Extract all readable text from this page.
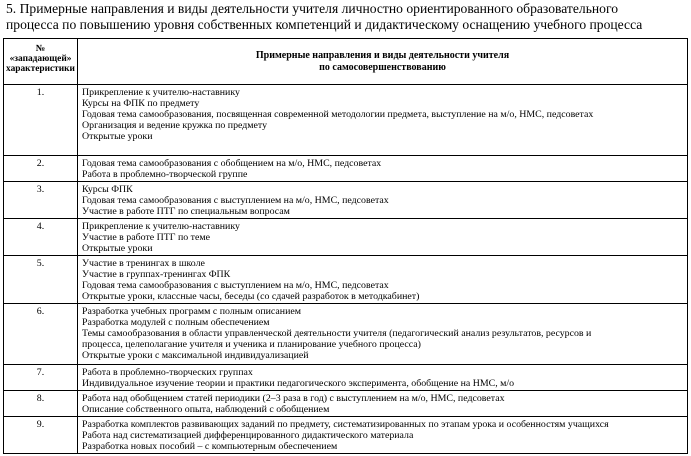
5. Примерные направления и виды деятельности учителя личностно ориентированного образовательного
процесса по повышению уровня собственных компетенций и дидактическому оснащению учебного процесса
№
«западающей»
характеристики	Примерные направления и виды деятельности учителя
по самосовершенствованию

1.	Прикрепление к учителю-наставнику
Курсы на ФПК по предмету
Годовая тема самообразования, посвященная современной методологии предмета, выступление на м/о, НМС, педсоветах
Организация и ведение кружка по предмету
Открытые уроки

2.	Годовая тема самообразования с обобщением на м/о, НМС, педсоветах
Работа в проблемно-творческой группе

3.	Курсы ФПК
Годовая тема самообразования с выступлением на м/о, НМС, педсоветах
Участие в работе ПТГ по специальным вопросам

4.	Прикрепление к учителю-наставнику
Участие в работе ПТГ по теме
Открытые уроки

5.	Участие в тренингах в школе
Участие в группах-тренингах ФПК
Годовая тема самообразования с выступлением на м/о, НМС, педсоветах
Открытые уроки, классные часы, беседы (со сдачей разработок в методкабинет)

6.	Разработка учебных программ с полным описанием
Разработка модулей с полным обеспечением
Темы самообразования в области управленческой деятельности учителя (педагогический анализ результатов, ресурсов и
процесса, целеполагание учителя и ученика и планирование учебного процесса)
Открытые уроки с максимальной индивидуализацией

7.	Работа в проблемно-творческих группах
Индивидуальное изучение теории и практики педагогического эксперимента, обобщение на НМС, м/о

8.	Работа над обобщением статей периодики (2–3 раза в год) с выступлением на м/о, НМС, педсоветах
Описание собственного опыта, наблюдений с обобщением

9.	Разработка комплектов развивающих заданий по предмету, систематизированных по этапам урока и особенностям учащихся
Работа над систематизацией дифференцированного дидактического материала
Разработка новых пособий – с компьютерным обеспечением
